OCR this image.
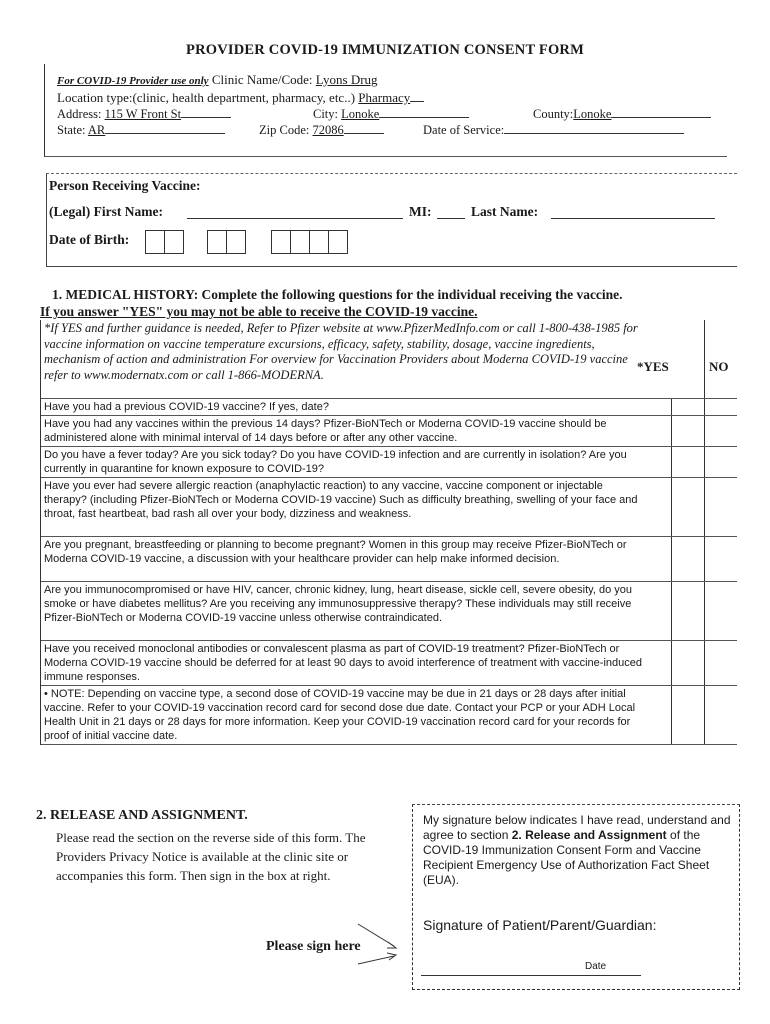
PROVIDER COVID-19 IMMUNIZATION CONSENT FORM
For COVID-19 Provider use only Clinic Name/Code: Lyons Drug
Location type:(clinic, health department, pharmacy, etc..) Pharmacy
Address: 115 W Front St	City: Lonoke	County:Lonoke
State: AR	Zip Code: 72086	Date of Service:
Person Receiving Vaccine:
(Legal) First Name:	MI:	Last Name:
Date of Birth:
1. MEDICAL HISTORY: Complete the following questions for the individual receiving the vaccine.
If you answer "YES" you may not be able to receive the COVID-19 vaccine.
*If YES and further guidance is needed, Refer to Pfizer website at www.PfizerMedInfo.com or call 1-800-438-1985 for vaccine information on vaccine temperature excursions, efficacy, safety, stability, dosage, vaccine ingredients, mechanism of action and administration For overview for Vaccination Providers about Moderna COVID-19 vaccine refer to www.modernatx.com or call 1-866-MODERNA.
*YES	NO
Have you had a previous COVID-19 vaccine? If yes, date?
Have you had any vaccines within the previous 14 days? Pfizer-BioNTech or Moderna COVID-19 vaccine should be administered alone with minimal interval of 14 days before or after any other vaccine.
Do you have a fever today? Are you sick today? Do you have COVID-19 infection and are currently in isolation? Are you currently in quarantine for known exposure to COVID-19?
Have you ever had severe allergic reaction (anaphylactic reaction) to any vaccine, vaccine component or injectable therapy? (including Pfizer-BioNTech or Moderna COVID-19 vaccine) Such as difficulty breathing, swelling of your face and throat, fast heartbeat, bad rash all over your body, dizziness and weakness.
Are you pregnant, breastfeeding or planning to become pregnant? Women in this group may receive Pfizer-BioNTech or Moderna COVID-19 vaccine, a discussion with your healthcare provider can help make informed decision.
Are you immunocompromised or have HIV, cancer, chronic kidney, lung, heart disease, sickle cell, severe obesity, do you smoke or have diabetes mellitus? Are you receiving any immunosuppressive therapy? These individuals may still receive Pfizer-BioNTech or Moderna COVID-19 vaccine unless otherwise contraindicated.
Have you received monoclonal antibodies or convalescent plasma as part of COVID-19 treatment? Pfizer-BioNTech or Moderna COVID-19 vaccine should be deferred for at least 90 days to avoid interference of treatment with vaccine-induced immune responses.
• NOTE: Depending on vaccine type, a second dose of COVID-19 vaccine may be due in 21 days or 28 days after initial vaccine. Refer to your COVID-19 vaccination record card for second dose due date. Contact your PCP or your ADH Local Health Unit in 21 days or 28 days for more information. Keep your COVID-19 vaccination record card for your records for proof of initial vaccine date.
2. RELEASE AND ASSIGNMENT.
Please read the section on the reverse side of this form. The Providers Privacy Notice is available at the clinic site or accompanies this form. Then sign in the box at right.
Please sign here
My signature below indicates I have read, understand and agree to section 2. Release and Assignment of the COVID-19 Immunization Consent Form and Vaccine Recipient Emergency Use of Authorization Fact Sheet (EUA).
Signature of Patient/Parent/Guardian:
Date
